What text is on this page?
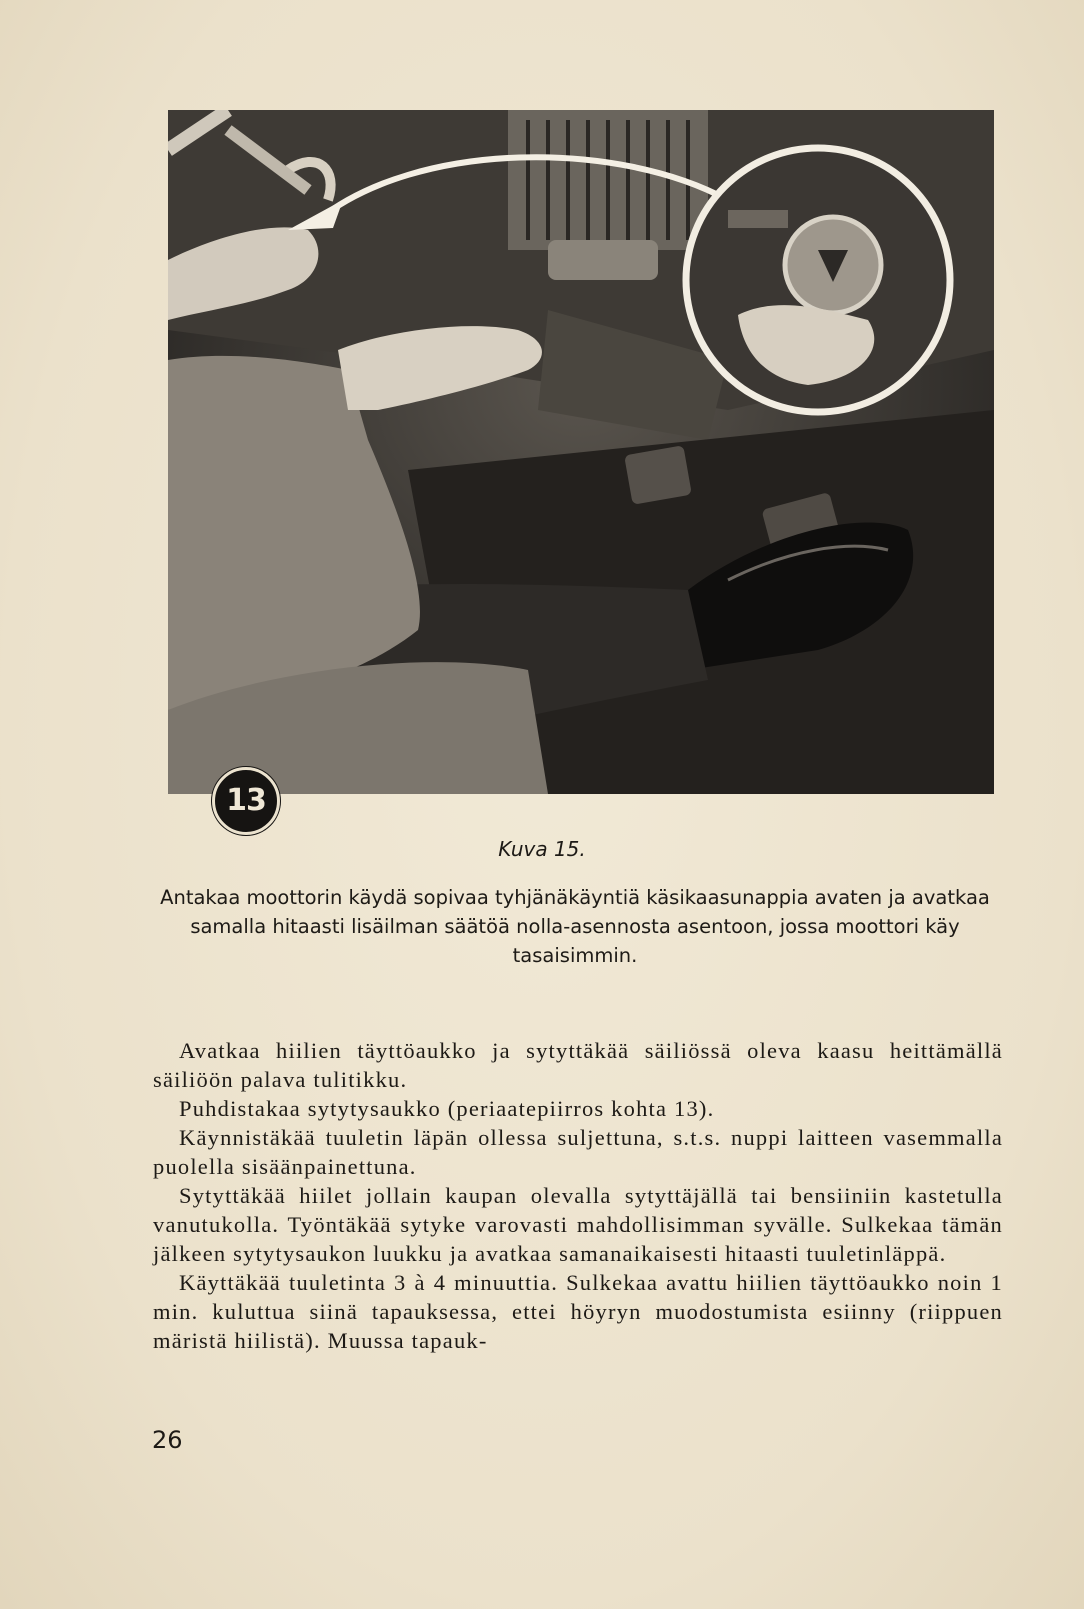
13
Kuva 15.
Antakaa moottorin käydä sopivaa tyhjänäkäyntiä käsikaasunappia avaten ja avatkaa samalla hitaasti lisäilman säätöä nolla-asennosta asentoon, jossa moottori käy tasaisimmin.

Avatkaa hiilien täyttöaukko ja sytyttäkää säiliössä oleva kaasu heittämällä säiliöön palava tulitikku.

Puhdistakaa sytytysaukko (periaatepiirros kohta 13).

Käynnistäkää tuuletin läpän ollessa suljettuna, s.t.s. nuppi laitteen vasemmalla puolella sisäänpainettuna.

Sytyttäkää hiilet jollain kaupan olevalla sytyttäjällä tai bensiiniin kastetulla vanutukolla. Työntäkää sytyke varovasti mahdollisimman syvälle. Sulkekaa tämän jälkeen sytytysaukon luukku ja avatkaa samanaikaisesti hitaasti tuuletinläppä.

Käyttäkää tuuletinta 3 à 4 minuuttia. Sulkekaa avattu hiilien täyttöaukko noin 1 min. kuluttua siinä tapauksessa, ettei höyryn muodostumista esiinny (riippuen märistä hiilistä). Muussa tapauk-

26
